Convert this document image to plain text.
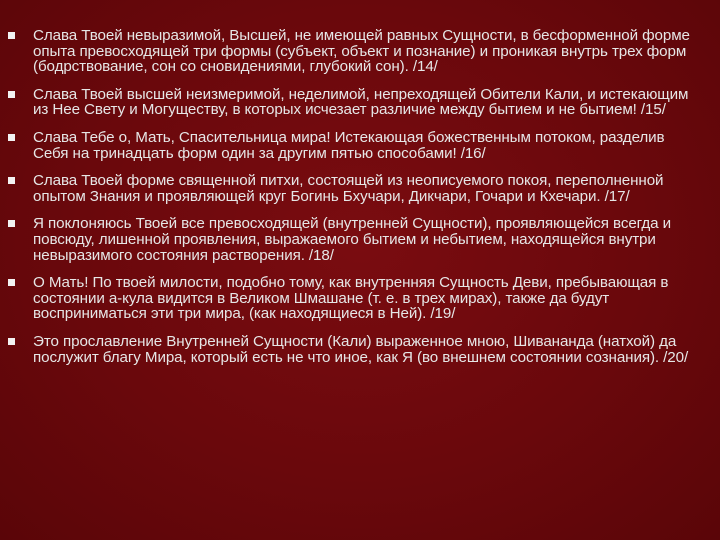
Слава Твоей невыразимой, Высшей, не имеющей равных Сущности, в бесформенной форме опыта превосходящей три формы (субъект, объект и познание) и проникая внутрь трех форм (бодрствование, сон со сновидениями, глубокий сон). /14/
Слава Твоей высшей неизмеримой, неделимой, непреходящей Обители Кали, и истекающим из Нее Свету и Могуществу, в которых исчезает различие между бытием и не бытием! /15/
Слава Тебе о, Мать, Спасительница мира! Истекающая божественным потоком, разделив Себя на тринадцать форм один за другим пятью способами! /16/
Слава Твоей форме священной питхи, состоящей из неописуемого покоя, переполненной опытом Знания и проявляющей круг Богинь Бхучари, Дикчари, Гочари и Кхечари. /17/
Я поклоняюсь Твоей все превосходящей (внутренней Сущности), проявляющейся всегда и повсюду, лишенной проявления, выражаемого бытием и небытием, находящейся внутри невыразимого состояния растворения. /18/
О Мать! По твоей милости, подобно тому, как внутренняя Сущность Деви, пребывающая в состоянии а-кула видится в Великом Шмашане (т. е. в трех мирах), также да будут восприниматься эти три мира, (как находящиеся в Ней). /19/
Это прославление Внутренней Сущности (Кали) выраженное мною, Шивананда (натхой) да послужит благу Мира, который есть не что иное, как Я (во внешнем состоянии сознания). /20/
